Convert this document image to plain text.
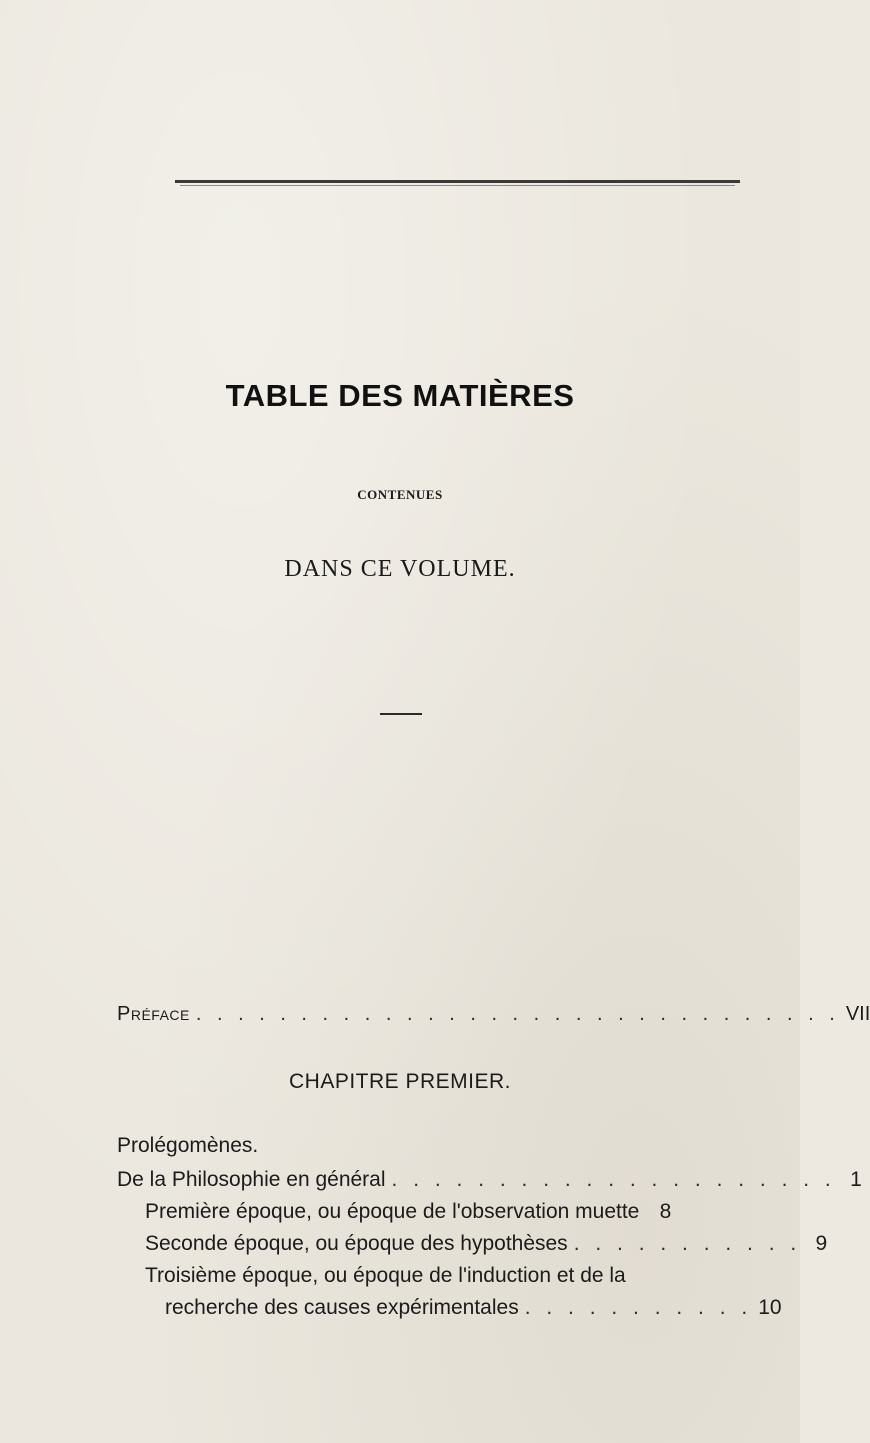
TABLE DES MATIÈRES
CONTENUES
DANS CE VOLUME.
Préface . . . . . . . . . . . . . . . . . . . . . . . . . . . . . . . VII
CHAPITRE PREMIER.
Prolégomènes.
De la Philosophie en général . . . . . . . . . . . . . . . . . . . . . 1
Première époque, ou époque de l'observation muette 8
Seconde époque, ou époque des hypothèses . . . . . . . . . . . 9
Troisième époque, ou époque de l'induction et de la
recherche des causes expérimentales . . . . . . . . . . . 10
